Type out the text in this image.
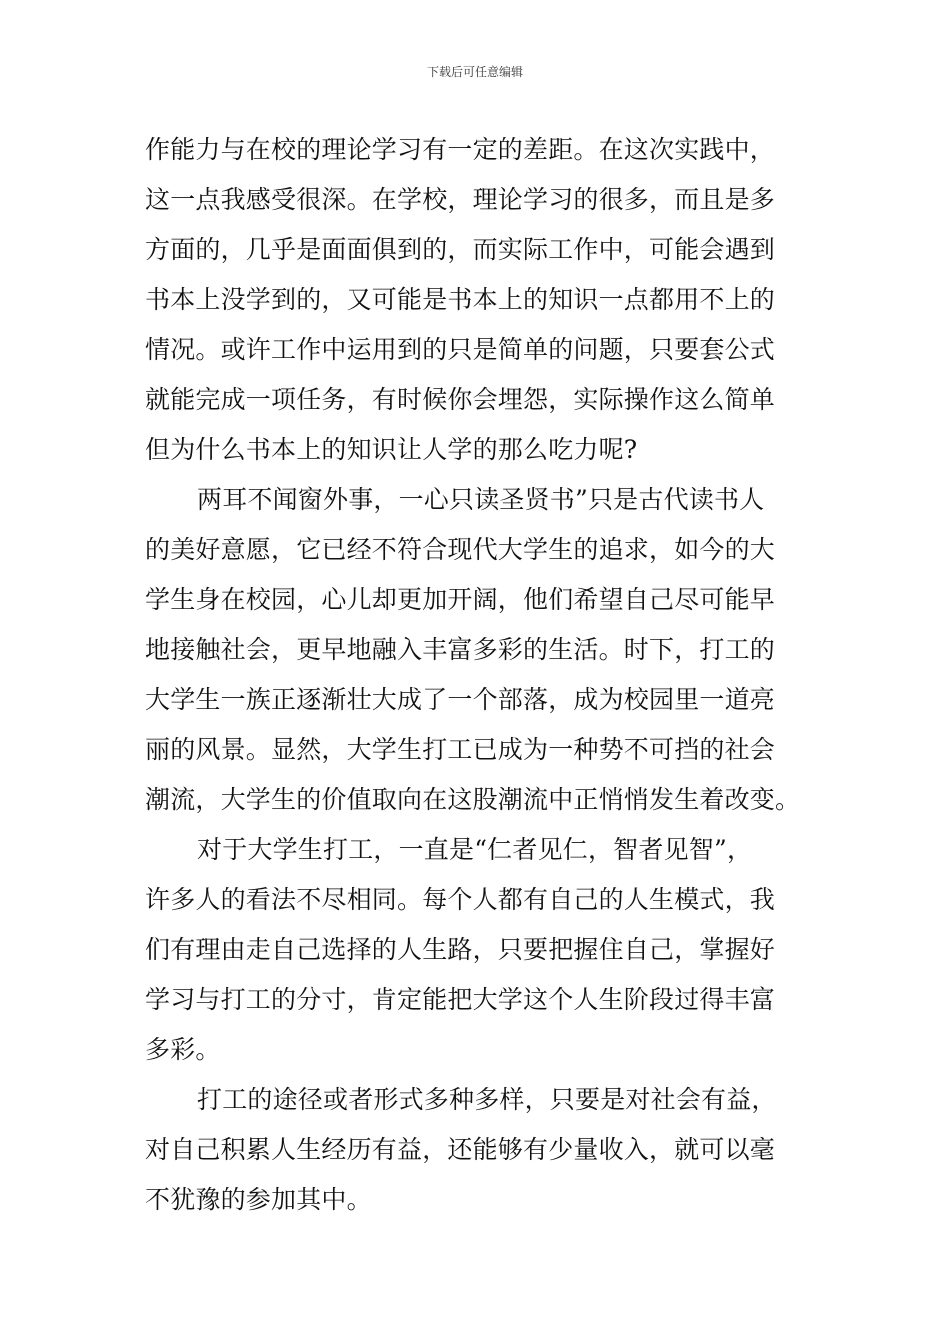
下载后可任意编辑
作能力与在校的理论学习有一定的差距。在这次实践中，
这一点我感受很深。在学校，理论学习的很多，而且是多
方面的，几乎是面面俱到的，而实际工作中，可能会遇到
书本上没学到的，又可能是书本上的知识一点都用不上的
情况。或许工作中运用到的只是简单的问题，只要套公式
就能完成一项任务，有时候你会埋怨，实际操作这么简单
但为什么书本上的知识让人学的那么吃力呢?
两耳不闻窗外事，一心只读圣贤书”只是古代读书人
的美好意愿，它已经不符合现代大学生的追求，如今的大
学生身在校园，心儿却更加开阔，他们希望自己尽可能早
地接触社会，更早地融入丰富多彩的生活。时下，打工的
大学生一族正逐渐壮大成了一个部落，成为校园里一道亮
丽的风景。显然，大学生打工已成为一种势不可挡的社会
潮流，大学生的价值取向在这股潮流中正悄悄发生着改变。
对于大学生打工，一直是“仁者见仁，智者见智”，
许多人的看法不尽相同。每个人都有自己的人生模式，我
们有理由走自己选择的人生路，只要把握住自己，掌握好
学习与打工的分寸，肯定能把大学这个人生阶段过得丰富
多彩。
打工的途径或者形式多种多样，只要是对社会有益，
对自己积累人生经历有益，还能够有少量收入，就可以毫
不犹豫的参加其中。
